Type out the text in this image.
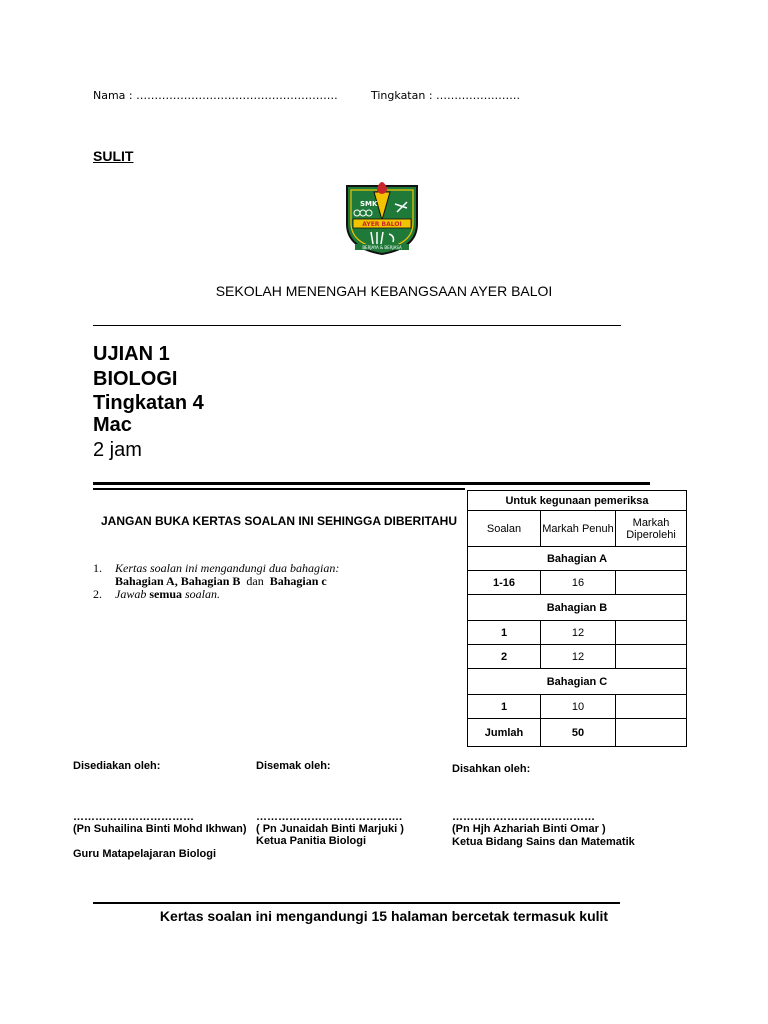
Nama : ……………………………………………….	Tingkatan : …………….…….
SULIT
SMK
AYER BALOI
BERJAYA & BERJASA
SEKOLAH MENENGAH KEBANGSAAN AYER BALOI
UJIAN 1
BIOLOGI
Tingkatan 4
Mac
2 jam
JANGAN BUKA KERTAS SOALAN INI SEHINGGA DIBERITAHU
1.	Kertas soalan ini mengandungi dua bahagian:
Bahagian A, Bahagian B dan Bahagian c
2.	Jawab semua soalan.
Untuk kegunaan pemeriksa		
Soalan	Markah Penuh	Markah Diperolehi
Bahagian A		
1-16	16	
Bahagian B		
1	12	
2	12	
Bahagian C		
1	10	
Jumlah	50	
Disediakan oleh:
……………………………
(Pn Suhailina Binti Mohd Ikhwan)
Guru Matapelajaran Biologi
Disemak oleh:
………………………………….
( Pn Junaidah Binti Marjuki )
Ketua Panitia Biologi
Disahkan oleh:
…………………………………
(Pn Hjh Azhariah Binti Omar )
Ketua Bidang Sains dan Matematik
Kertas soalan ini mengandungi 15 halaman bercetak termasuk kulit
